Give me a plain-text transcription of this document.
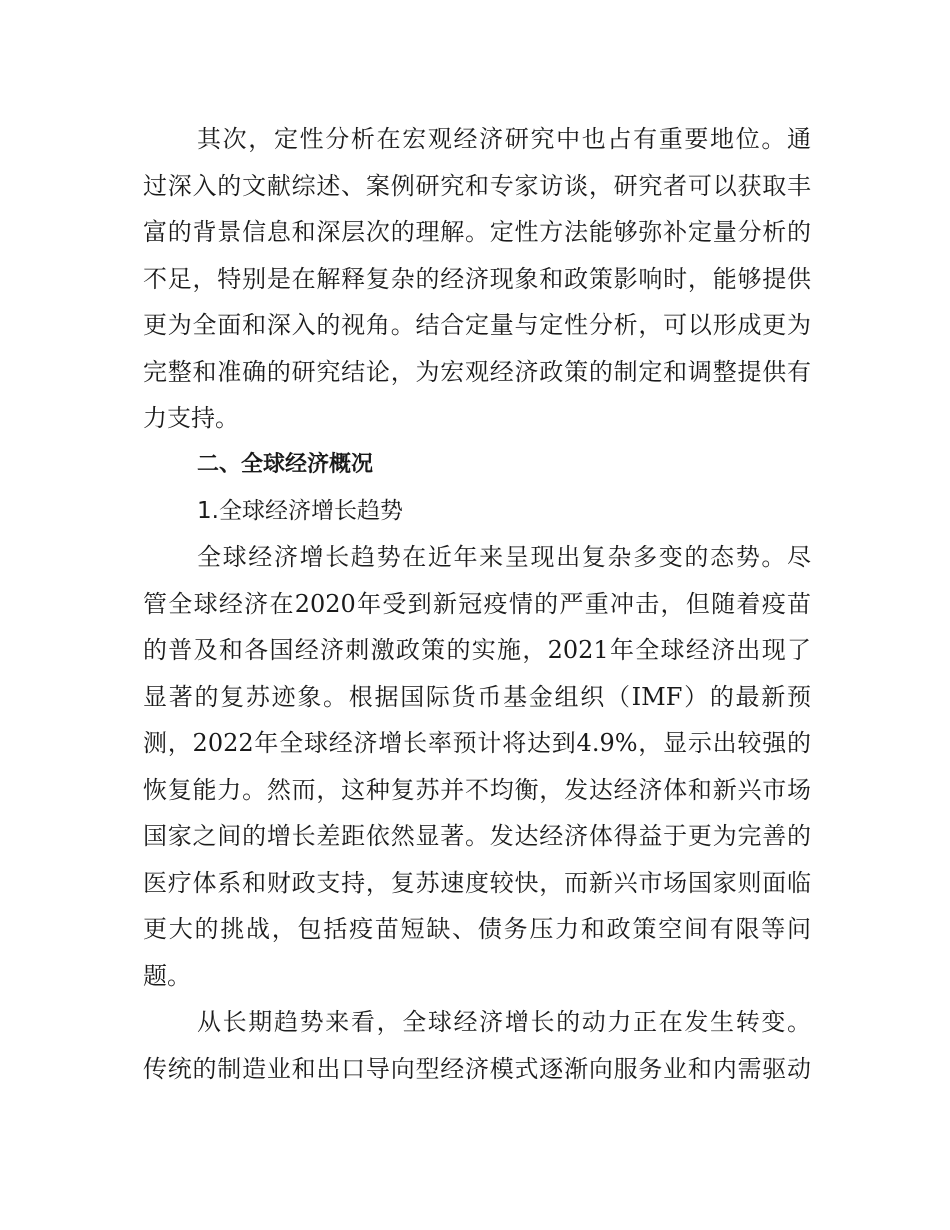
其次，定性分析在宏观经济研究中也占有重要地位。通
过深入的文献综述、案例研究和专家访谈，研究者可以获取丰
富的背景信息和深层次的理解。定性方法能够弥补定量分析的
不足，特别是在解释复杂的经济现象和政策影响时，能够提供
更为全面和深入的视角。结合定量与定性分析，可以形成更为
完整和准确的研究结论，为宏观经济政策的制定和调整提供有
力支持。
二、全球经济概况
1.全球经济增长趋势
全球经济增长趋势在近年来呈现出复杂多变的态势。尽
管全球经济在2020年受到新冠疫情的严重冲击，但随着疫苗
的普及和各国经济刺激政策的实施，2021年全球经济出现了
显著的复苏迹象。根据国际货币基金组织（IMF）的最新预
测，2022年全球经济增长率预计将达到4.9%，显示出较强的
恢复能力。然而，这种复苏并不均衡，发达经济体和新兴市场
国家之间的增长差距依然显著。发达经济体得益于更为完善的
医疗体系和财政支持，复苏速度较快，而新兴市场国家则面临
更大的挑战，包括疫苗短缺、债务压力和政策空间有限等问
题。
从长期趋势来看，全球经济增长的动力正在发生转变。
传统的制造业和出口导向型经济模式逐渐向服务业和内需驱动
